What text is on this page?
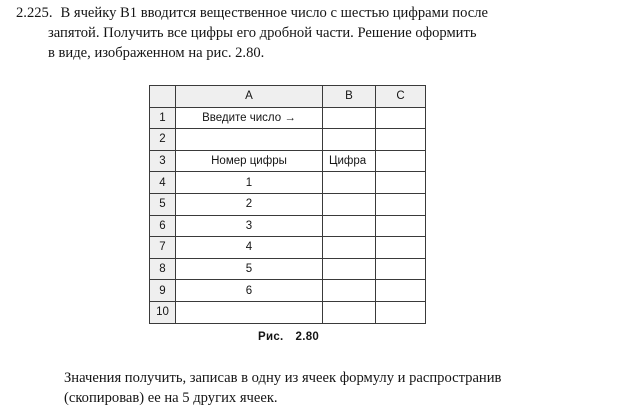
2.225. В ячейку В1 вводится вещественное число с шестью цифрами после
запятой. Получить все цифры его дробной части. Решение оформить
в виде, изображенном на рис. 2.80.
	A	B	C
1	Введите число →		
2			
3	Номер цифры	Цифра	
4	1		
5	2		
6	3		
7	4		
8	5		
9	6		
10			
Рис. 2.80
Значения получить, записав в одну из ячеек формулу и распространив
(скопировав) ее на 5 других ячеек.
